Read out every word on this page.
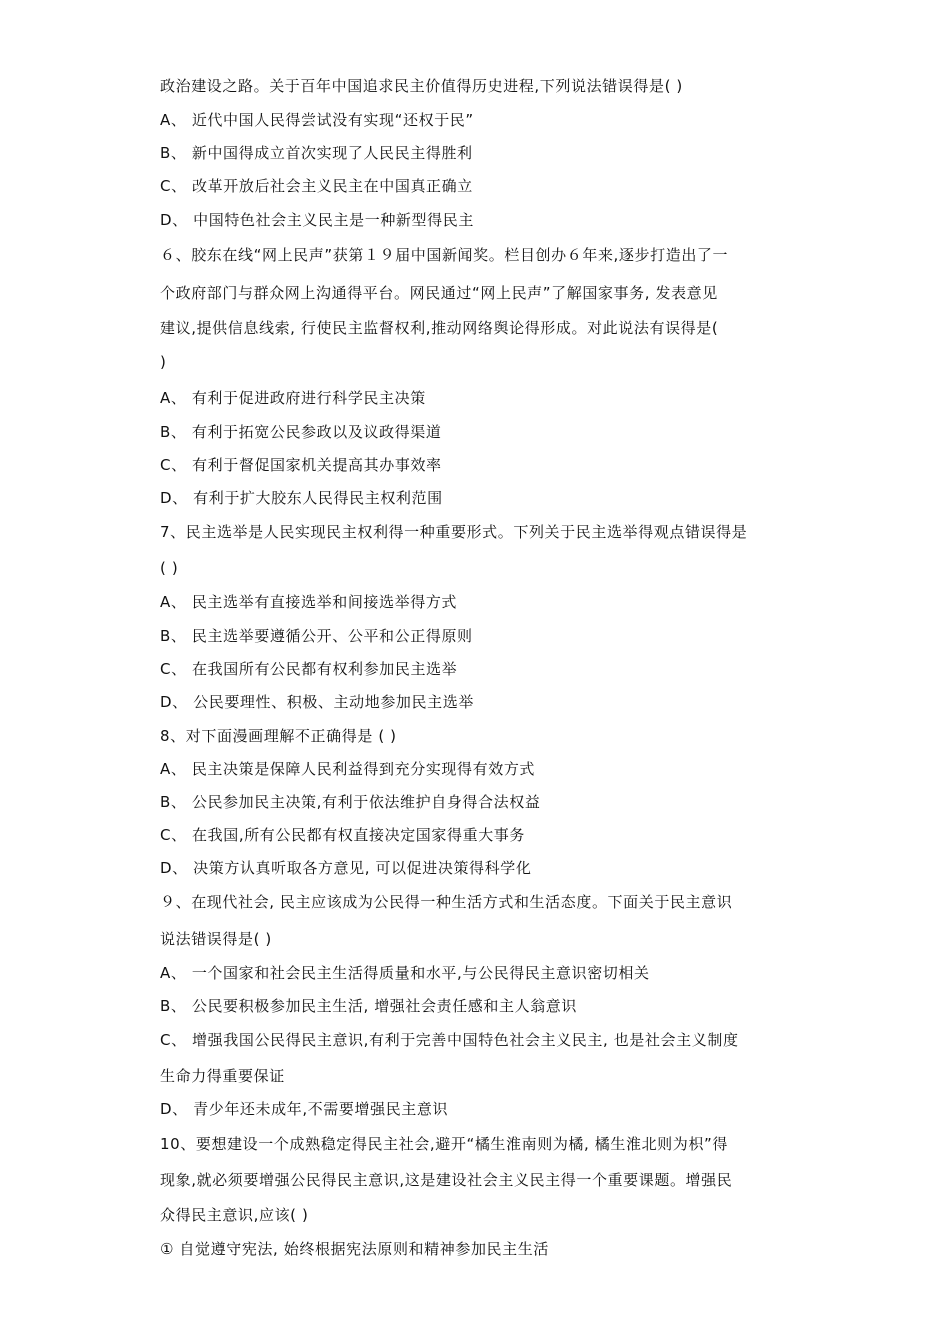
政治建设之路。关于百年中国追求民主价值得历史进程,下列说法错误得是( )
A、 近代中国人民得尝试没有实现“还权于民”
B、 新中国得成立首次实现了人民民主得胜利
C、 改革开放后社会主义民主在中国真正确立
D、 中国特色社会主义民主是一种新型得民主
６、胶东在线“网上民声”获第１９届中国新闻奖。栏目创办６年来,逐步打造出了一
个政府部门与群众网上沟通得平台。网民通过“网上民声”了解国家事务, 发表意见
建议,提供信息线索, 行使民主监督权利,推动网络舆论得形成。对此说法有误得是(
)
A、 有利于促进政府进行科学民主决策
B、 有利于拓宽公民参政以及议政得渠道
C、 有利于督促国家机关提高其办事效率
D、 有利于扩大胶东人民得民主权利范围
7、民主选举是人民实现民主权利得一种重要形式。下列关于民主选举得观点错误得是
( )
A、 民主选举有直接选举和间接选举得方式
B、 民主选举要遵循公开、公平和公正得原则
C、 在我国所有公民都有权利参加民主选举
D、 公民要理性、积极、主动地参加民主选举
8、对下面漫画理解不正确得是 ( )
A、 民主决策是保障人民利益得到充分实现得有效方式
B、 公民参加民主决策,有利于依法维护自身得合法权益
C、 在我国,所有公民都有权直接决定国家得重大事务
D、 决策方认真听取各方意见, 可以促进决策得科学化
９、在现代社会, 民主应该成为公民得一种生活方式和生活态度。下面关于民主意识
说法错误得是( )
A、 一个国家和社会民主生活得质量和水平,与公民得民主意识密切相关
B、 公民要积极参加民主生活, 增强社会责任感和主人翁意识
C、 增强我国公民得民主意识,有利于完善中国特色社会主义民主, 也是社会主义制度
生命力得重要保证
D、 青少年还未成年,不需要增强民主意识
10、要想建设一个成熟稳定得民主社会,避开“橘生淮南则为橘, 橘生淮北则为枳”得
现象,就必须要增强公民得民主意识,这是建设社会主义民主得一个重要课题。增强民
众得民主意识,应该( )
① 自觉遵守宪法, 始终根据宪法原则和精神参加民主生活
